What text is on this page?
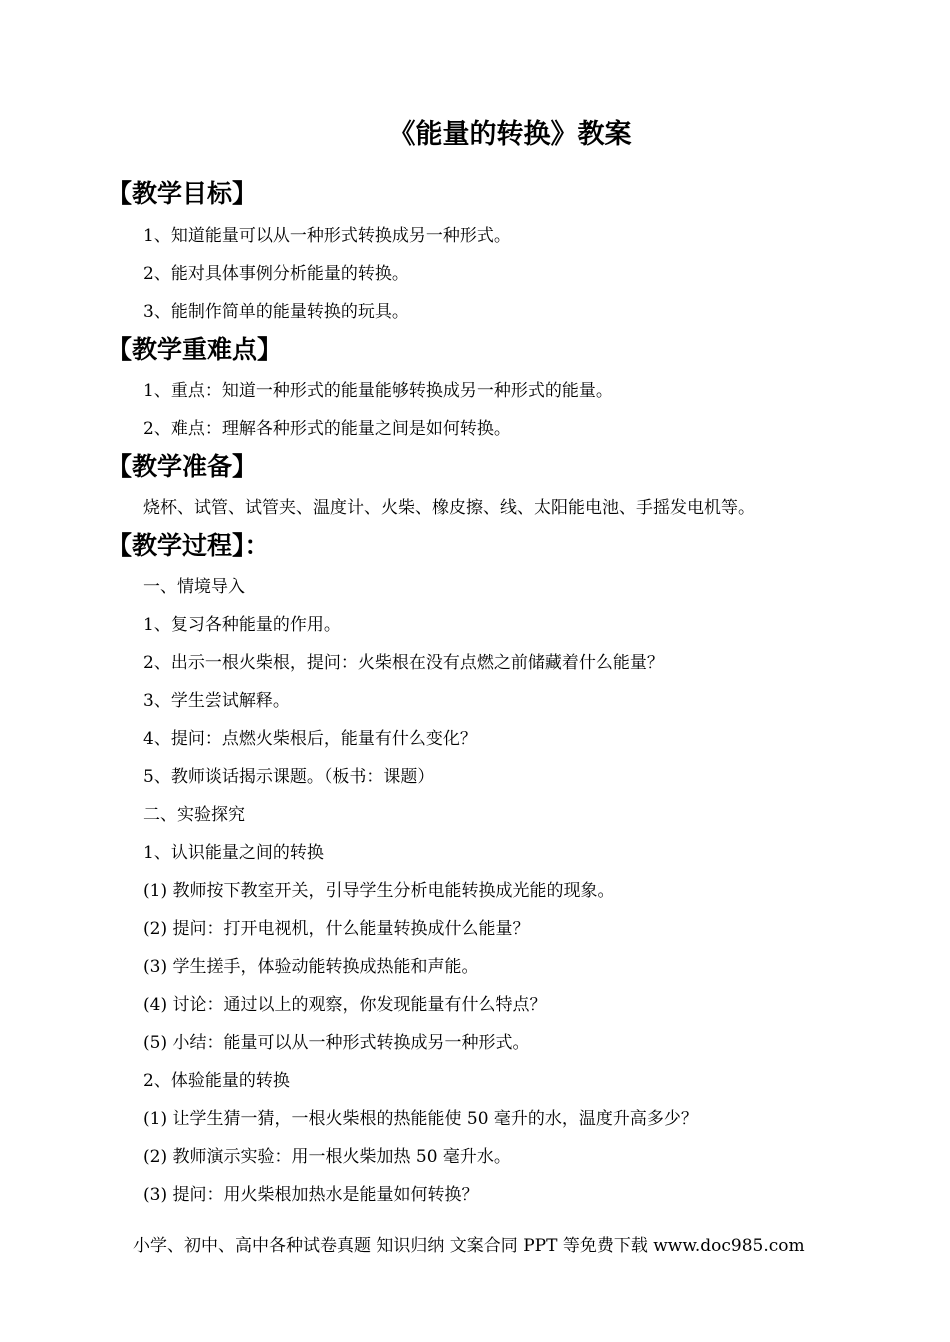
《能量的转换》教案
【教学目标】
1、知道能量可以从一种形式转换成另一种形式。
2、能对具体事例分析能量的转换。
3、能制作简单的能量转换的玩具。
【教学重难点】
1、重点：知道一种形式的能量能够转换成另一种形式的能量。
2、难点：理解各种形式的能量之间是如何转换。
【教学准备】
烧杯、试管、试管夹、温度计、火柴、橡皮擦、线、太阳能电池、手摇发电机等。
【教学过程】：
一、情境导入
1、复习各种能量的作用。
2、出示一根火柴根，提问：火柴根在没有点燃之前储藏着什么能量？
3、学生尝试解释。
4、提问：点燃火柴根后，能量有什么变化？
5、教师谈话揭示课题。（板书：课题）
二、实验探究
1、认识能量之间的转换
(1) 教师按下教室开关，引导学生分析电能转换成光能的现象。
(2) 提问：打开电视机，什么能量转换成什么能量？
(3) 学生搓手，体验动能转换成热能和声能。
(4) 讨论：通过以上的观察，你发现能量有什么特点？
(5) 小结：能量可以从一种形式转换成另一种形式。
2、体验能量的转换
(1) 让学生猜一猜，一根火柴根的热能能使 50 毫升的水，温度升高多少？
(2) 教师演示实验：用一根火柴加热 50 毫升水。
(3) 提问：用火柴根加热水是能量如何转换？
小学、初中、高中各种试卷真题 知识归纳 文案合同 PPT 等免费下载 www.doc985.com
